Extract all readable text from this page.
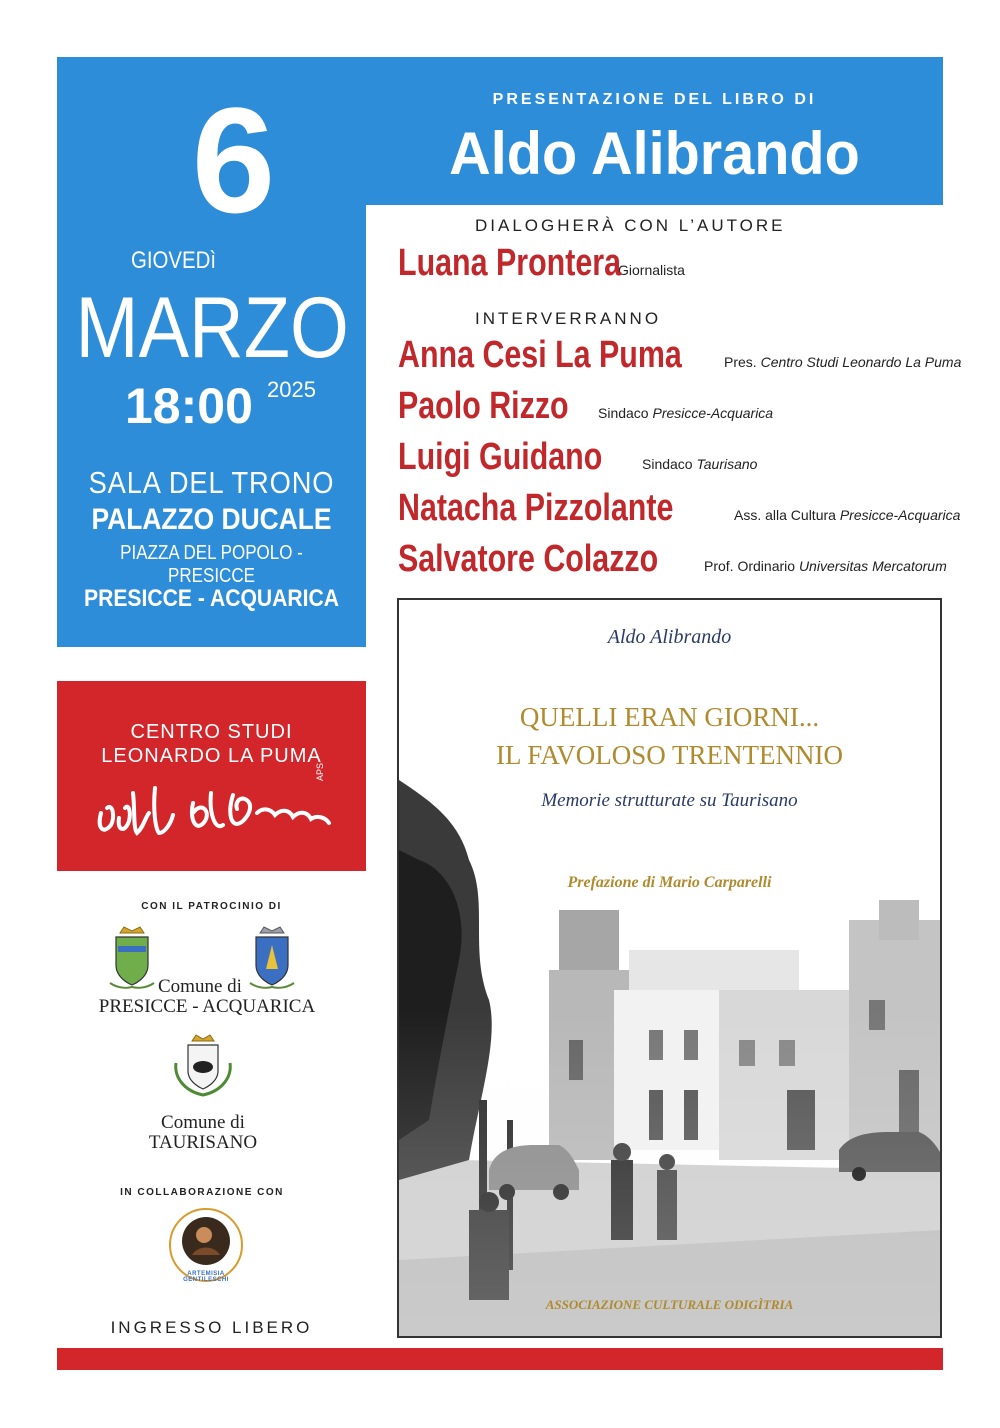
6
GIOVEDì
MARZO
18:00 2025
SALA DEL TRONO
PALAZZO DUCALE
PIAZZA DEL POPOLO - PRESICCE
PRESICCE - ACQUARICA
PRESENTAZIONE DEL LIBRO DI
Aldo Alibrando
DIALOGHERÀ CON L’AUTORE
Luana Prontera
Giornalista
INTERVERRANNO
Anna Cesi La Puma	Pres. Centro Studi Leonardo La Puma
Paolo Rizzo Sindaco Presicce-Acquarica
Luigi Guidano	Sindaco Taurisano
Natacha Pizzolante	Ass. alla Cultura Presicce-Acquarica
Salvatore Colazzo	Prof. Ordinario Universitas Mercatorum
CENTRO STUDI
LEONARDO LA PUMA
APS
CON IL PATROCINIO DI
Comune di
PRESICCE - ACQUARICA
Comune di
TAURISANO
IN COLLABORAZIONE CON
ARTEMISIA GENTILESCHI
INGRESSO LIBERO
Aldo Alibrando
QUELLI ERAN GIORNI...
ASSOCIAZIONE CULTURALE ODIGÌTRIA
